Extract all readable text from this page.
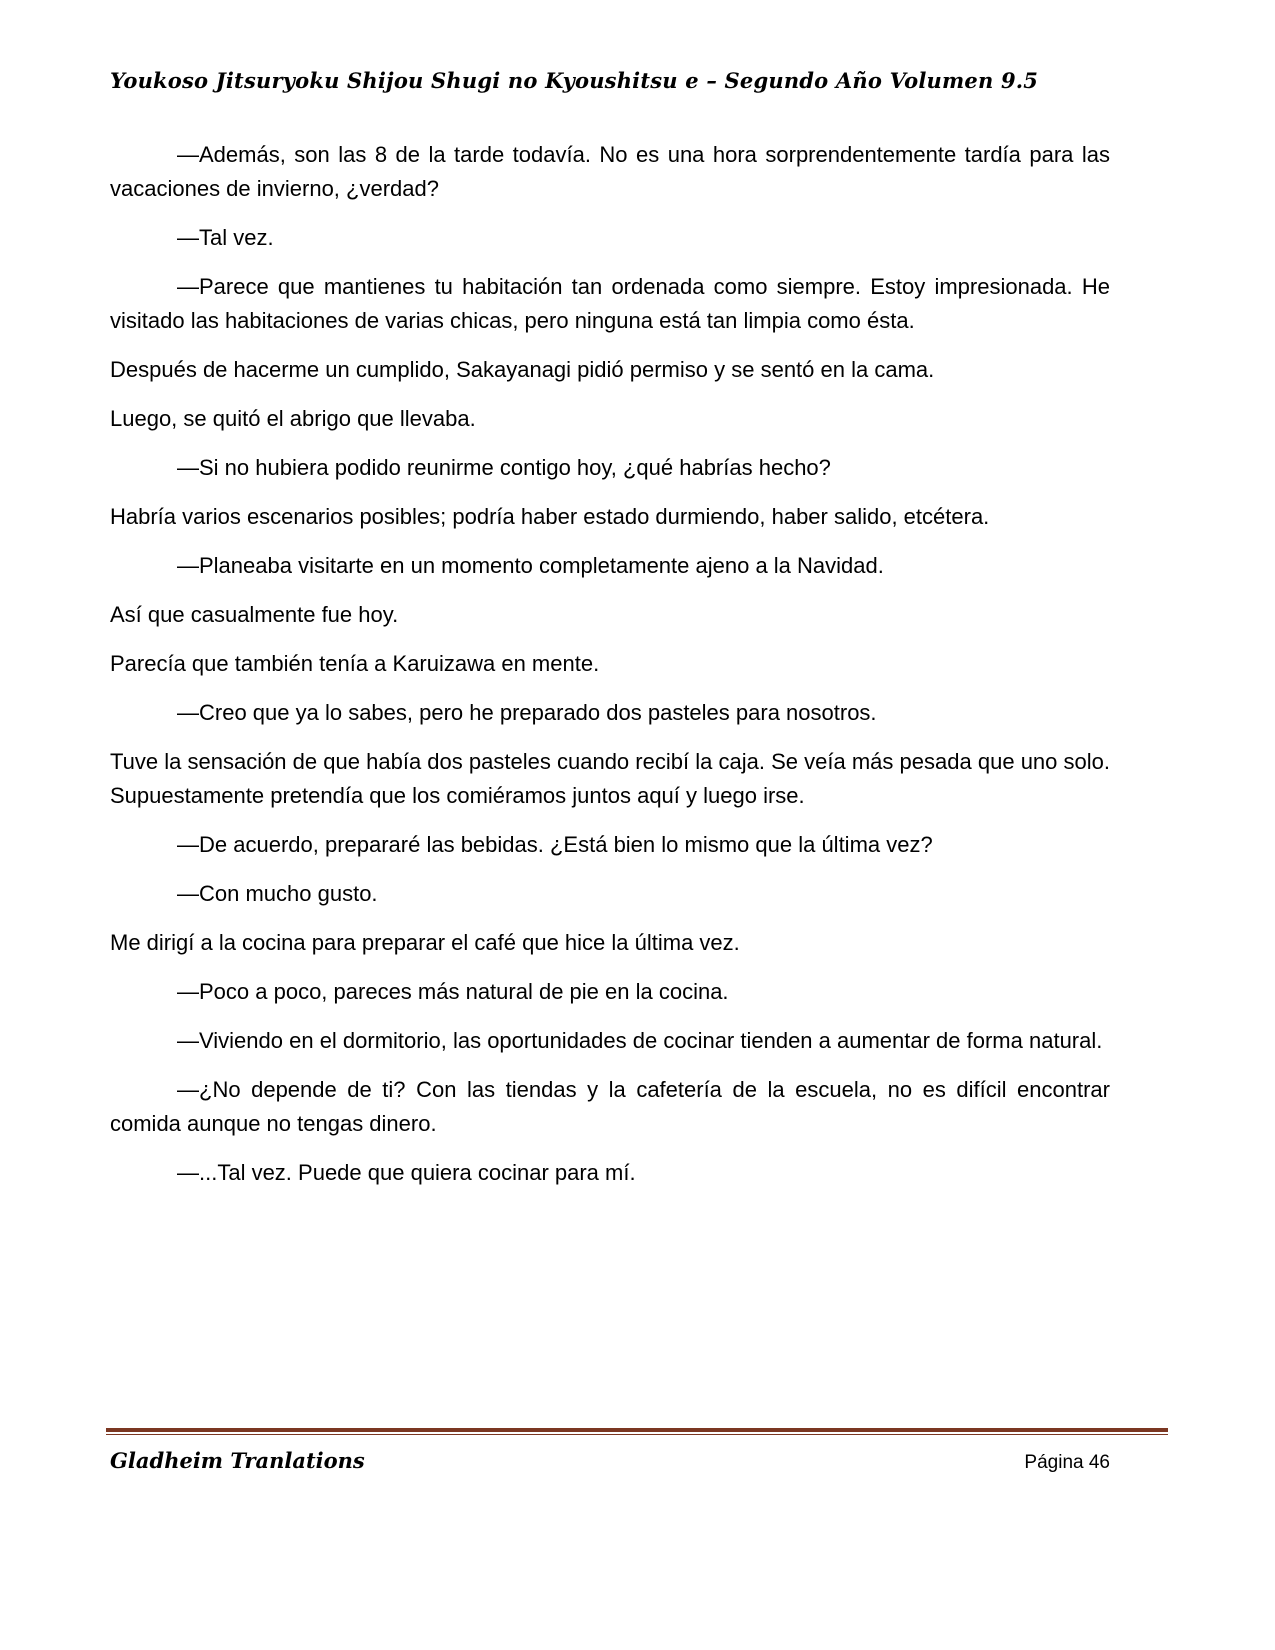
Youkoso Jitsuryoku Shijou Shugi no Kyoushitsu e – Segundo Año Volumen 9.5

—Además, son las 8 de la tarde todavía. No es una hora sorprendentemente tardía para las vacaciones de invierno, ¿verdad?

—Tal vez.

—Parece que mantienes tu habitación tan ordenada como siempre. Estoy impresionada. He visitado las habitaciones de varias chicas, pero ninguna está tan limpia como ésta.

Después de hacerme un cumplido, Sakayanagi pidió permiso y se sentó en la cama.

Luego, se quitó el abrigo que llevaba.

—Si no hubiera podido reunirme contigo hoy, ¿qué habrías hecho?

Habría varios escenarios posibles; podría haber estado durmiendo, haber salido, etcétera.

—Planeaba visitarte en un momento completamente ajeno a la Navidad.

Así que casualmente fue hoy.

Parecía que también tenía a Karuizawa en mente.

—Creo que ya lo sabes, pero he preparado dos pasteles para nosotros.

Tuve la sensación de que había dos pasteles cuando recibí la caja. Se veía más pesada que uno solo. Supuestamente pretendía que los comiéramos juntos aquí y luego irse.

—De acuerdo, prepararé las bebidas. ¿Está bien lo mismo que la última vez?

—Con mucho gusto.

Me dirigí a la cocina para preparar el café que hice la última vez.

—Poco a poco, pareces más natural de pie en la cocina.

—Viviendo en el dormitorio, las oportunidades de cocinar tienden a aumentar de forma natural.

—¿No depende de ti? Con las tiendas y la cafetería de la escuela, no es difícil encontrar comida aunque no tengas dinero.

—...Tal vez. Puede que quiera cocinar para mí.

Gladheim Tranlations	Página 46
